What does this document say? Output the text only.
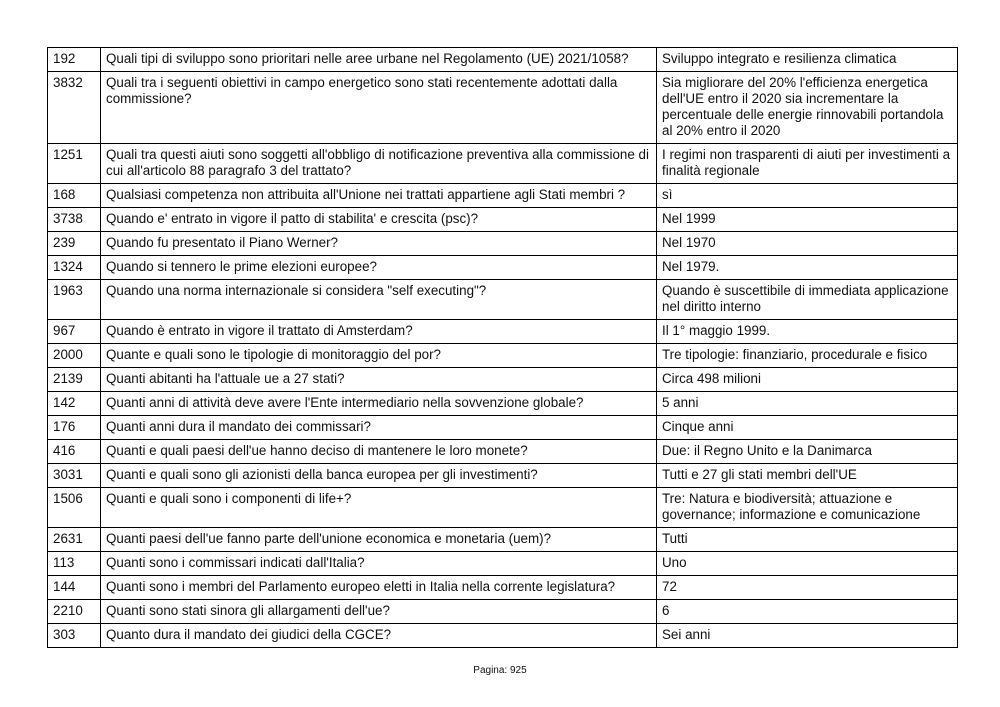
192	Quali tipi di sviluppo sono prioritari nelle aree urbane nel Regolamento (UE) 2021/1058?	Sviluppo integrato e resilienza climatica
3832	Quali tra i seguenti obiettivi in campo energetico sono stati recentemente adottati dalla commissione?	Sia migliorare del 20% l'efficienza energetica dell'UE entro il 2020 sia incrementare la percentuale delle energie rinnovabili portandola al 20% entro il 2020
1251	Quali tra questi aiuti sono soggetti all'obbligo di notificazione preventiva alla commissione di cui all'articolo 88 paragrafo 3 del trattato?	I regimi non trasparenti di aiuti per investimenti a finalità regionale
168	Qualsiasi competenza non attribuita all'Unione nei trattati appartiene agli Stati membri ?	sì
3738	Quando e' entrato in vigore il patto di stabilita' e crescita (psc)?	Nel 1999
239	Quando fu presentato il Piano Werner?	Nel 1970
1324	Quando si tennero le prime elezioni europee?	Nel 1979.
1963	Quando una norma internazionale si considera "self executing"?	Quando è suscettibile di immediata applicazione nel diritto interno
967	Quando è entrato in vigore il trattato di Amsterdam?	Il 1° maggio 1999.
2000	Quante e quali sono le tipologie di monitoraggio del por?	Tre tipologie: finanziario, procedurale e fisico
2139	Quanti abitanti ha l'attuale ue a 27 stati?	Circa 498 milioni
142	Quanti anni di attività deve avere l'Ente intermediario nella sovvenzione globale?	5 anni
176	Quanti anni dura il mandato dei commissari?	Cinque anni
416	Quanti e quali paesi dell'ue hanno deciso di mantenere le loro monete?	Due: il Regno Unito e la Danimarca
3031	Quanti e quali sono gli azionisti della banca europea per gli investimenti?	Tutti e 27 gli stati membri dell'UE
1506	Quanti e quali sono i componenti di life+?	Tre: Natura e biodiversità; attuazione e governance; informazione e comunicazione
2631	Quanti paesi dell'ue fanno parte dell'unione economica e monetaria (uem)?	Tutti
113	Quanti sono i commissari indicati dall'Italia?	Uno
144	Quanti sono i membri del Parlamento europeo eletti in Italia nella corrente legislatura?	72
2210	Quanti sono stati sinora gli allargamenti dell'ue?	6
303	Quanto dura il mandato dei giudici della CGCE?	Sei anni
Pagina: 925
